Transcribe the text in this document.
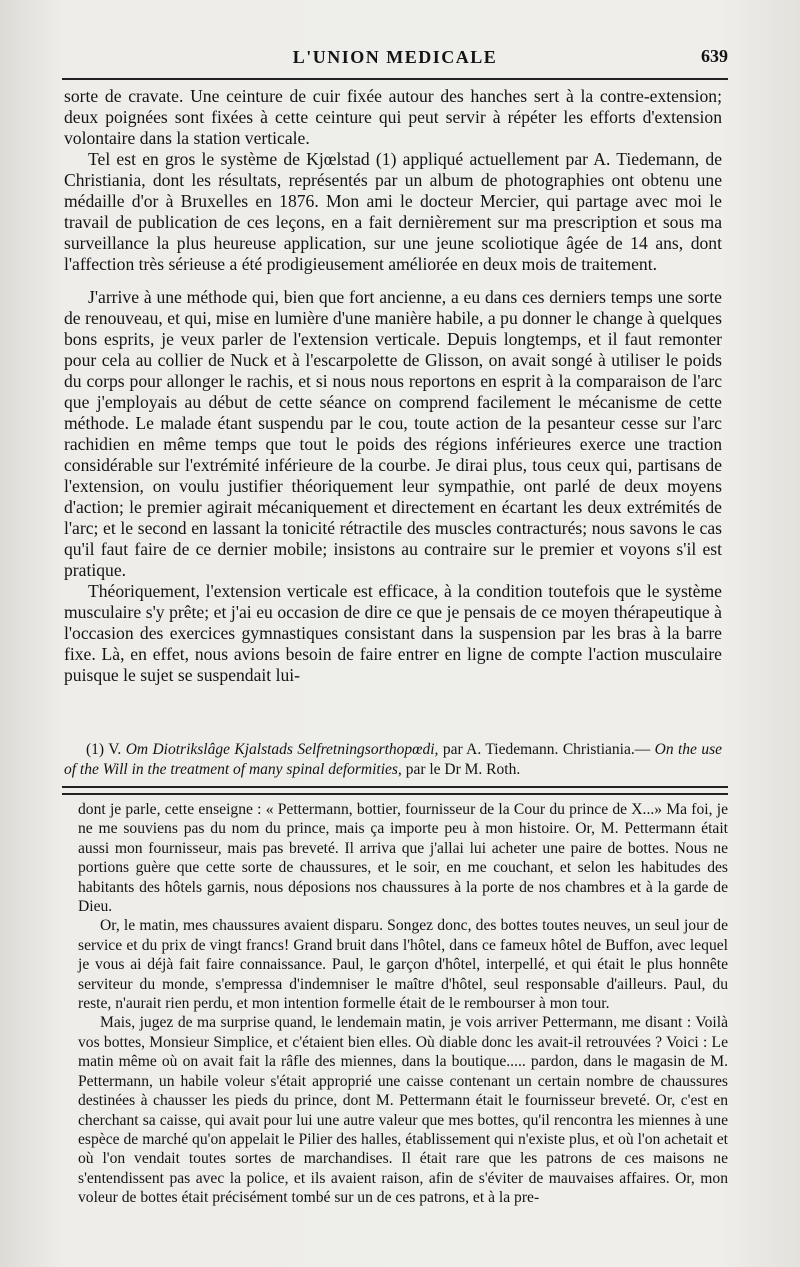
L'UNION MEDICALE	639

sorte de cravate. Une ceinture de cuir fixée autour des hanches sert à la contre-extension; deux poignées sont fixées à cette ceinture qui peut servir à répéter les efforts d'extension volontaire dans la station verticale.

Tel est en gros le système de Kjœlstad (1) appliqué actuellement par A. Tiedemann, de Christiania, dont les résultats, représentés par un album de photographies ont obtenu une médaille d'or à Bruxelles en 1876. Mon ami le docteur Mercier, qui partage avec moi le travail de publication de ces leçons, en a fait dernièrement sur ma prescription et sous ma surveillance la plus heureuse application, sur une jeune scoliotique âgée de 14 ans, dont l'affection très sérieuse a été prodigieusement améliorée en deux mois de traitement.

J'arrive à une méthode qui, bien que fort ancienne, a eu dans ces derniers temps une sorte de renouveau, et qui, mise en lumière d'une manière habile, a pu donner le change à quelques bons esprits, je veux parler de l'extension verticale. Depuis longtemps, et il faut remonter pour cela au collier de Nuck et à l'escarpolette de Glisson, on avait songé à utiliser le poids du corps pour allonger le rachis, et si nous nous reportons en esprit à la comparaison de l'arc que j'employais au début de cette séance on comprend facilement le mécanisme de cette méthode. Le malade étant suspendu par le cou, toute action de la pesanteur cesse sur l'arc rachidien en même temps que tout le poids des régions inférieures exerce une traction considérable sur l'extrémité inférieure de la courbe. Je dirai plus, tous ceux qui, partisans de l'extension, on voulu justifier théoriquement leur sympathie, ont parlé de deux moyens d'action; le premier agirait mécaniquement et directement en écartant les deux extrémités de l'arc; et le second en lassant la tonicité rétractile des muscles contracturés; nous savons le cas qu'il faut faire de ce dernier mobile; insistons au contraire sur le premier et voyons s'il est pratique.

Théoriquement, l'extension verticale est efficace, à la condition toutefois que le système musculaire s'y prête; et j'ai eu occasion de dire ce que je pensais de ce moyen thérapeutique à l'occasion des exercices gymnastiques consistant dans la suspension par les bras à la barre fixe. Là, en effet, nous avions besoin de faire entrer en ligne de compte l'action musculaire puisque le sujet se suspendait lui-

(1) V. Om Diotrikslâge Kjalstads Selfretningsorthopœdi, par A. Tiedemann. Christiania.— On the use of the Will in the treatment of many spinal deformities, par le Dr M. Roth.

dont je parle, cette enseigne : « Pettermann, bottier, fournisseur de la Cour du prince de X...» Ma foi, je ne me souviens pas du nom du prince, mais ça importe peu à mon histoire. Or, M. Pettermann était aussi mon fournisseur, mais pas breveté. Il arriva que j'allai lui acheter une paire de bottes. Nous ne portions guère que cette sorte de chaussures, et le soir, en me couchant, et selon les habitudes des habitants des hôtels garnis, nous déposions nos chaussures à la porte de nos chambres et à la garde de Dieu.

Or, le matin, mes chaussures avaient disparu. Songez donc, des bottes toutes neuves, un seul jour de service et du prix de vingt francs! Grand bruit dans l'hôtel, dans ce fameux hôtel de Buffon, avec lequel je vous ai déjà fait faire connaissance. Paul, le garçon d'hôtel, interpellé, et qui était le plus honnête serviteur du monde, s'empressa d'indemniser le maître d'hôtel, seul responsable d'ailleurs. Paul, du reste, n'aurait rien perdu, et mon intention formelle était de le rembourser à mon tour.

Mais, jugez de ma surprise quand, le lendemain matin, je vois arriver Pettermann, me disant : Voilà vos bottes, Monsieur Simplice, et c'étaient bien elles. Où diable donc les avait-il retrouvées ? Voici : Le matin même où on avait fait la râfle des miennes, dans la boutique..... pardon, dans le magasin de M. Pettermann, un habile voleur s'était approprié une caisse contenant un certain nombre de chaussures destinées à chausser les pieds du prince, dont M. Pettermann était le fournisseur breveté. Or, c'est en cherchant sa caisse, qui avait pour lui une autre valeur que mes bottes, qu'il rencontra les miennes à une espèce de marché qu'on appelait le Pilier des halles, établissement qui n'existe plus, et où l'on achetait et où l'on vendait toutes sortes de marchandises. Il était rare que les patrons de ces maisons ne s'entendissent pas avec la police, et ils avaient raison, afin de s'éviter de mauvaises affaires. Or, mon voleur de bottes était précisément tombé sur un de ces patrons, et à la pre-
